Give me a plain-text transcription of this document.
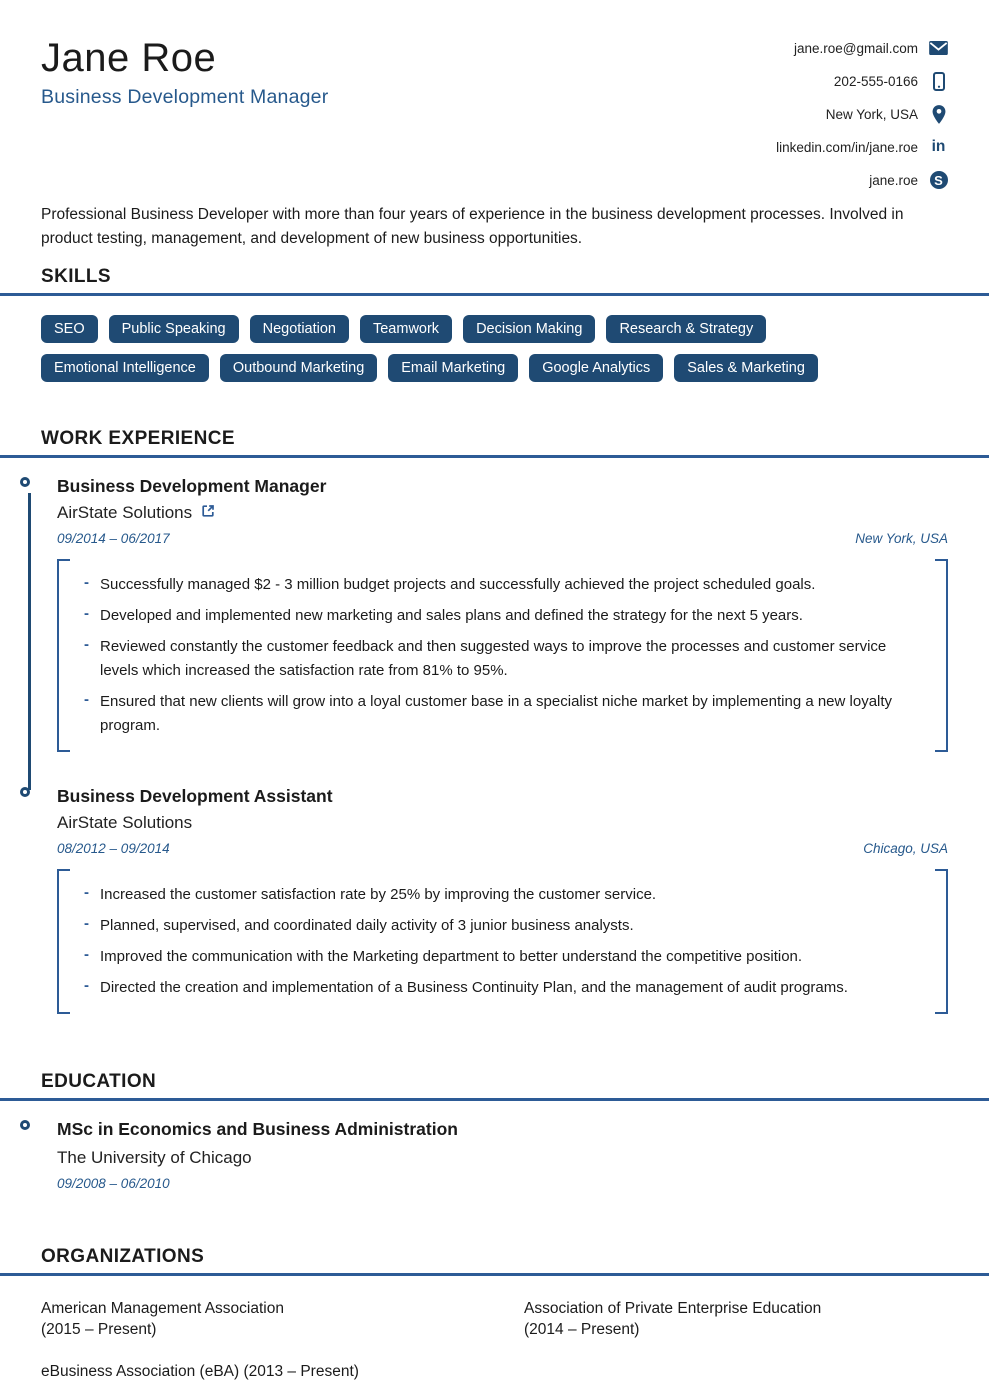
Jane Roe
Business Development Manager
jane.roe@gmail.com
202-555-0166
New York, USA
linkedin.com/in/jane.roe
in
jane.roe
S

Professional Business Developer with more than four years of experience in the business development processes. Involved in product testing, management, and development of new business opportunities.

SKILLS
SEO	Public Speaking	Negotiation	Teamwork	Decision Making	Research & Strategy
Emotional Intelligence	Outbound Marketing	Email Marketing	Google Analytics	Sales & Marketing
WORK EXPERIENCE
Business Development Manager
AirState Solutions
09/2014 – 06/2017	New York, USA
- Successfully managed $2 - 3 million budget projects and successfully achieved the project scheduled goals.
- Developed and implemented new marketing and sales plans and defined the strategy for the next 5 years.
- Reviewed constantly the customer feedback and then suggested ways to improve the processes and customer service levels which increased the satisfaction rate from 81% to 95%.
- Ensured that new clients will grow into a loyal customer base in a specialist niche market by implementing a new loyalty program.
Business Development Assistant
AirState Solutions
08/2012 – 09/2014	Chicago, USA
- Increased the customer satisfaction rate by 25% by improving the customer service.
- Planned, supervised, and coordinated daily activity of 3 junior business analysts.
- Improved the communication with the Marketing department to better understand the competitive position.
- Directed the creation and implementation of a Business Continuity Plan, and the management of audit programs.
EDUCATION
MSc in Economics and Business Administration
The University of Chicago
09/2008 – 06/2010
ORGANIZATIONS
American Management Association
(2015 – Present)
Association of Private Enterprise Education
(2014 – Present)
eBusiness Association (eBA) (2013 – Present)
